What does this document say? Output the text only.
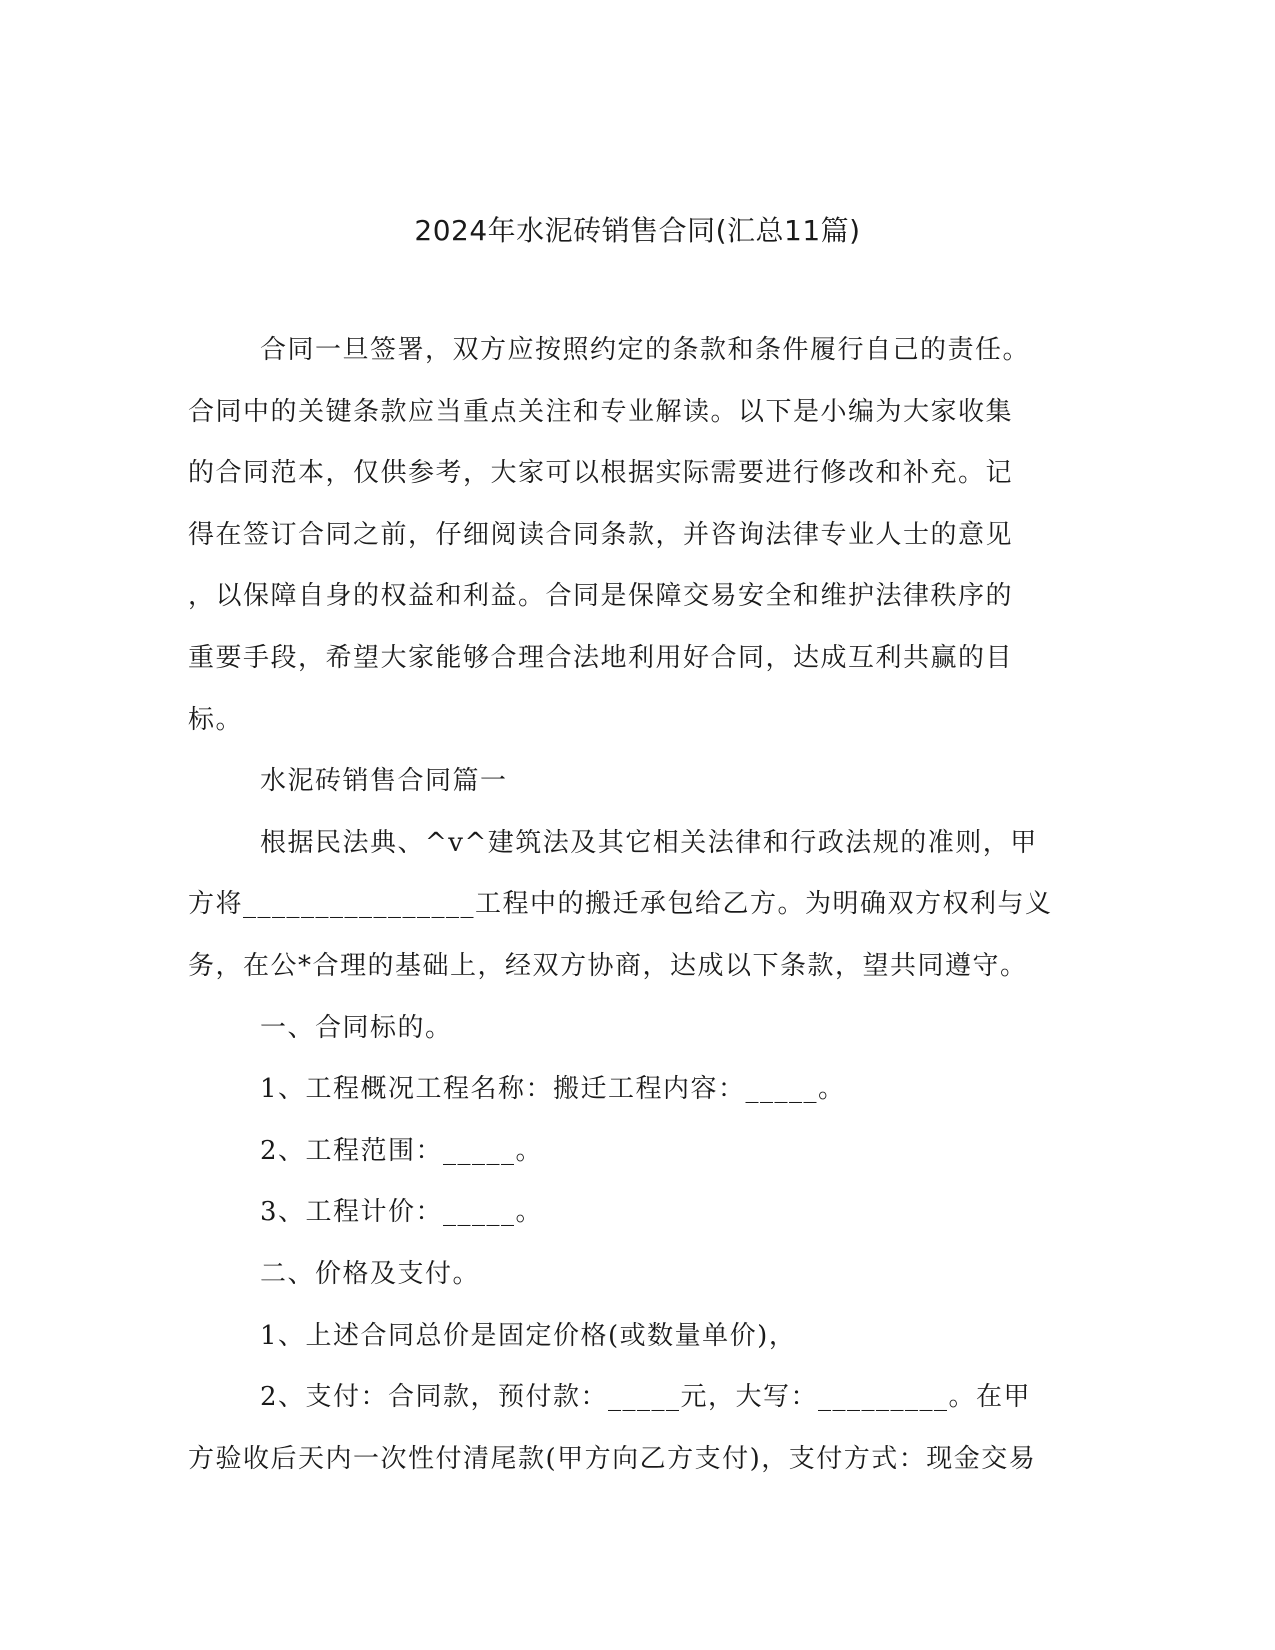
2024年水泥砖销售合同(汇总11篇)
合同一旦签署，双方应按照约定的条款和条件履行自己的责任。
合同中的关键条款应当重点关注和专业解读。以下是小编为大家收集
的合同范本，仅供参考，大家可以根据实际需要进行修改和补充。记
得在签订合同之前，仔细阅读合同条款，并咨询法律专业人士的意见
，以保障自身的权益和利益。合同是保障交易安全和维护法律秩序的
重要手段，希望大家能够合理合法地利用好合同，达成互利共赢的目
标。
水泥砖销售合同篇一
根据民法典、^v^建筑法及其它相关法律和行政法规的准则，甲
方将________________工程中的搬迁承包给乙方。为明确双方权利与义
务，在公*合理的基础上，经双方协商，达成以下条款，望共同遵守。
一、合同标的。
1、工程概况工程名称：搬迁工程内容：_____。
2、工程范围：_____。
3、工程计价：_____。
二、价格及支付。
1、上述合同总价是固定价格(或数量单价)，
2、支付：合同款，预付款：_____元，大写：_________。在甲
方验收后天内一次性付清尾款(甲方向乙方支付)，支付方式：现金交易
